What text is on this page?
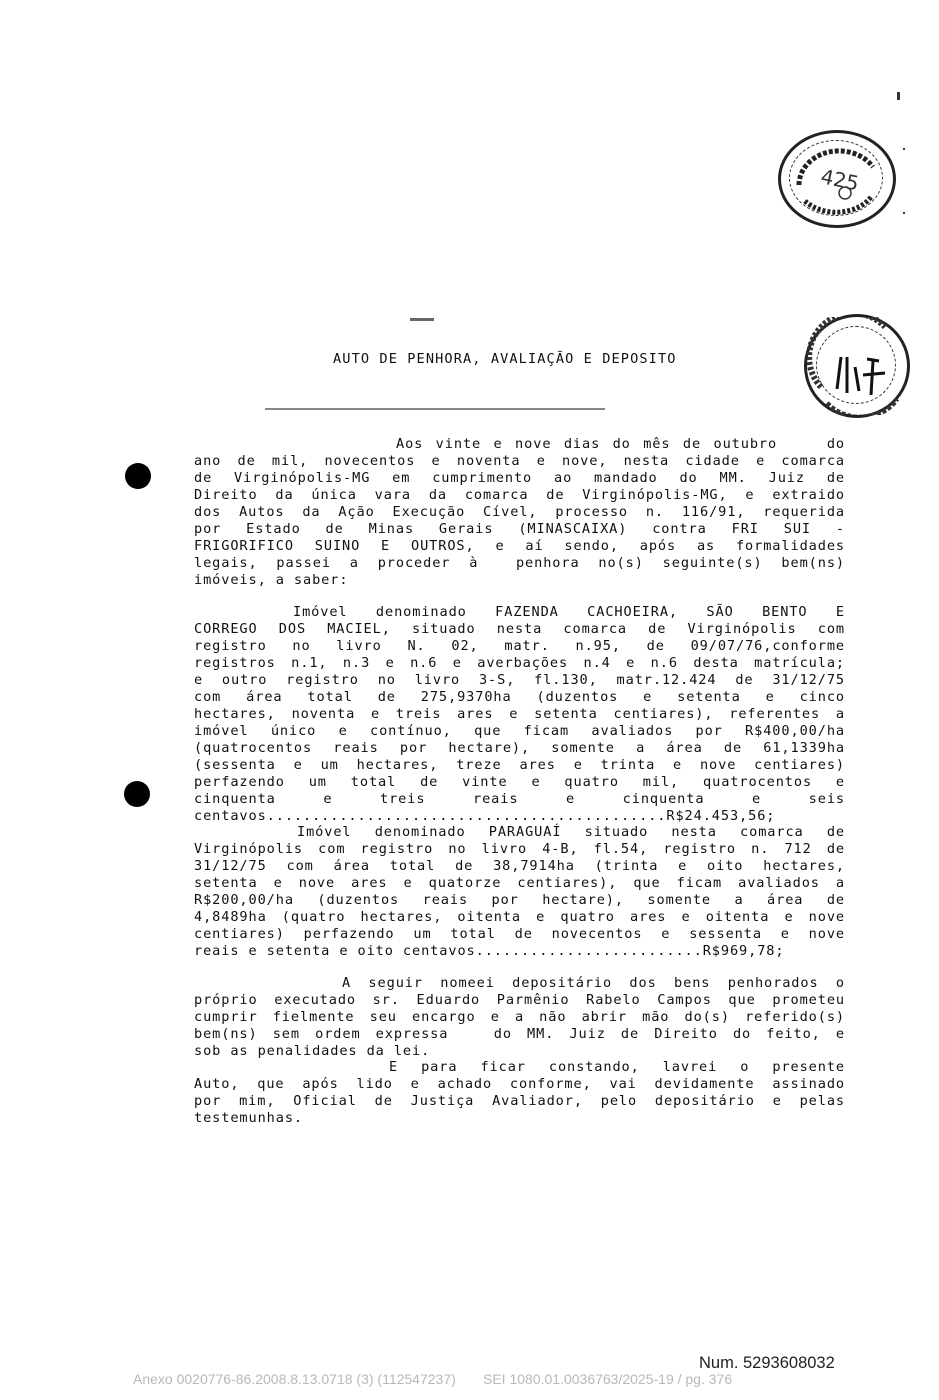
425
AUTO DE PENHORA, AVALIAÇÃO E DEPOSITO
Aos vinte e nove dias do mês de outubro    do
ano de mil, novecentos e noventa e nove, nesta cidade e comarca
de Virginópolis-MG em cumprimento ao mandado do MM. Juiz de
Direito da única vara da comarca de Virginópolis-MG, e extraido
dos Autos da Ação Execução Cível, processo n. 116/91, requerida
por Estado de Minas Gerais (MINASCAIXA) contra FRI SUI -
FRIGORIFICO SUINO E OUTROS, e aí sendo, após as formalidades
legais, passei a proceder à  penhora no(s) seguinte(s) bem(ns)
imóveis, a saber:
Imóvel denominado FAZENDA CACHOEIRA, SÃO BENTO E
CORREGO DOS MACIEL, situado nesta comarca de Virginópolis com
registro no livro N. 02, matr. n.95, de 09/07/76,conforme
registros n.1, n.3 e n.6 e averbações n.4 e n.6 desta matrícula;
e outro registro no livro 3-S, fl.130, matr.12.424 de 31/12/75
com área total de 275,9370ha (duzentos e setenta e cinco
hectares, noventa e treis ares e setenta centiares), referentes a
imóvel único e contínuo, que ficam avaliados por R$400,00/ha
(quatrocentos reais por hectare), somente a área de 61,1339ha
(sessenta e um hectares, treze ares e trinta e nove centiares)
perfazendo um total de vinte e quatro mil, quatrocentos e
cinquenta e treis reais e cinquenta e seis
centavos............................................R$24.453,56;
Imóvel denominado PARAGUAÍ situado nesta comarca de
Virginópolis com registro no livro 4-B, fl.54, registro n. 712 de
31/12/75 com área total de 38,7914ha (trinta e oito hectares,
setenta e nove ares e quatorze centiares), que ficam avaliados a
R$200,00/ha (duzentos reais por hectare), somente a área de
4,8489ha (quatro hectares, oitenta e quatro ares e oitenta e nove
centiares) perfazendo um total de novecentos e sessenta e nove
reais e setenta e oito centavos.........................R$969,78;
A seguir nomeei depositário dos bens penhorados o
próprio executado sr. Eduardo Parmênio Rabelo Campos que prometeu
cumprir fielmente seu encargo e a não abrir mão do(s) referido(s)
bem(ns) sem ordem expressa   do MM. Juiz de Direito do feito, e
sob as penalidades da lei.
E para ficar constando, lavrei o presente
Auto, que após lido e achado conforme, vai devidamente assinado
por mim, Oficial de Justiça Avaliador, pelo depositário e pelas
testemunhas.
Num. 5293608032
Anexo 0020776-86.2008.8.13.0718 (3) (112547237)       SEI 1080.01.0036763/2025-19 / pg. 376
